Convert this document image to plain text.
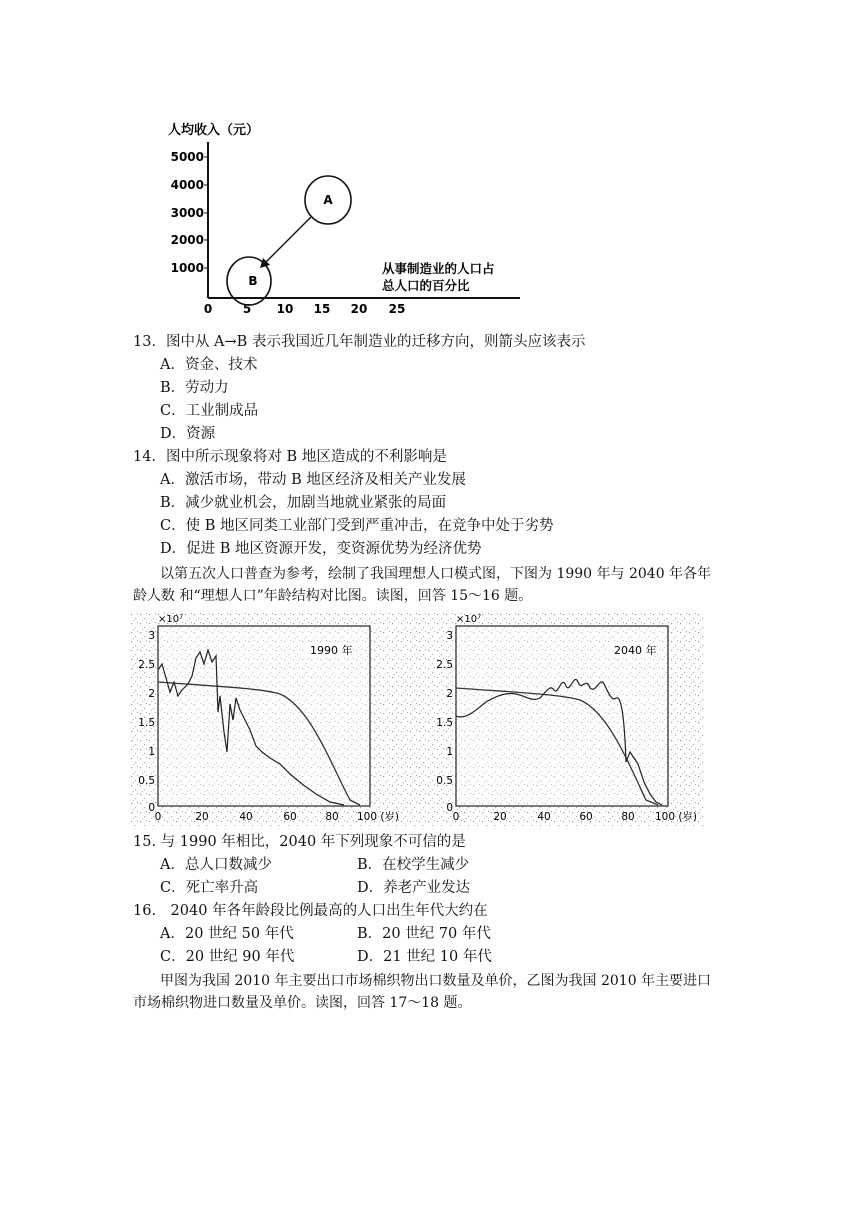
人均收入（元）
5000
4000
3000
2000
1000
0	5 10 15 20 25
从事制造业的人口占
总人口的百分比
A
B
13．图中从 A→B 表示我国近几年制造业的迁移方向，则箭头应该表示
A．资金、技术
B．劳动力
C．工业制成品
D．资源
14．图中所示现象将对 B 地区造成的不利影响是
A．激活市场，带动 B 地区经济及相关产业发展
B．减少就业机会，加剧当地就业紧张的局面
C．使 B 地区同类工业部门受到严重冲击，在竞争中处于劣势
D．促进 B 地区资源开发，变资源优势为经济优势
以第五次人口普查为参考，绘制了我国理想人口模式图，下图为 1990 年与 2040 年各年
龄人数 和“理想人口”年龄结构对比图。读图，回答 15～16 题。
×10⁷
1990 年
3
2.5
2
1.5
1
0.5
0
0	20	40	60	80 100 (岁)
×10⁷
2040 年
3
2.5
2
1.5
1
0.5
0
0	20	40	60	80 100 (岁)
15. 与 1990 年相比，2040 年下列现象不可信的是
A．总人口数减少	B．在校学生减少
C．死亡率升高	D．养老产业发达
16.　2040 年各年龄段比例最高的人口出生年代大约在
A．20 世纪 50 年代	B．20 世纪 70 年代
C．20 世纪 90 年代	D．21 世纪 10 年代
甲图为我国 2010 年主要出口市场棉织物出口数量及单价，乙图为我国 2010 年主要进口
市场棉织物进口数量及单价。读图，回答 17～18 题。
